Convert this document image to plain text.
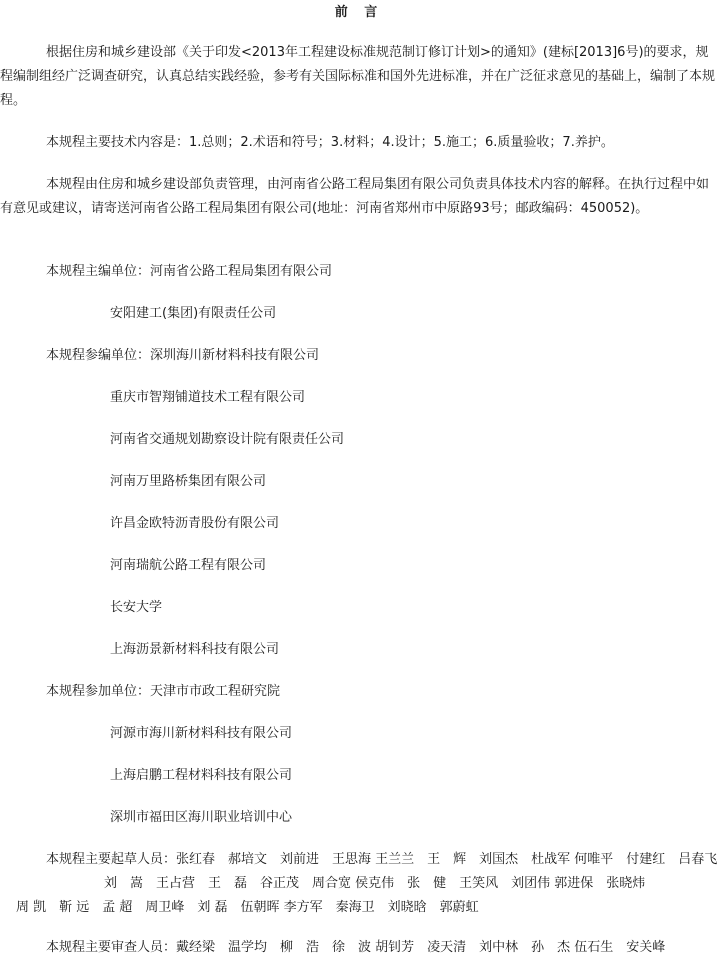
前 言

根据住房和城乡建设部《关于印发<2013年工程建设标准规范制订修订计划>的通知》(建标[2013]6号)的要求，规程编制组经广泛调查研究，认真总结实践经验，参考有关国际标准和国外先进标准，并在广泛征求意见的基础上，编制了本规程。

本规程主要技术内容是：1.总则；2.术语和符号；3.材料；4.设计；5.施工；6.质量验收；7.养护。

本规程由住房和城乡建设部负责管理，由河南省公路工程局集团有限公司负责具体技术内容的解释。在执行过程中如有意见或建议，请寄送河南省公路工程局集团有限公司(地址：河南省郑州市中原路93号；邮政编码：450052)。

本规程主编单位：河南省公路工程局集团有限公司
安阳建工(集团)有限责任公司
本规程参编单位：深圳海川新材料科技有限公司
重庆市智翔铺道技术工程有限公司
河南省交通规划勘察设计院有限责任公司
河南万里路桥集团有限公司
许昌金欧特沥青股份有限公司
河南瑞航公路工程有限公司
长安大学
上海沥景新材料科技有限公司
本规程参加单位：天津市市政工程研究院
河源市海川新材料科技有限公司
上海启鹏工程材料科技有限公司
深圳市福田区海川职业培训中心
本规程主要起草人员：张红春　郝培文　刘前进　王思海 王兰兰　王　辉　刘国杰　杜战军 何唯平　付建红　吕春飞
刘　嵩　王占营　王　磊　谷正茂　周合宽 侯克伟　张　健　王笑风　刘团伟 郭进保　张晓炜
周 凯　靳 远　孟 超　周卫峰　刘 磊　伍朝晖 李方军　秦海卫　刘晓晗　郭蔚虹
本规程主要审查人员：戴经梁　温学均　柳　浩　徐　波 胡钊芳　凌天清　刘中林　孙　杰 伍石生　安关峰
